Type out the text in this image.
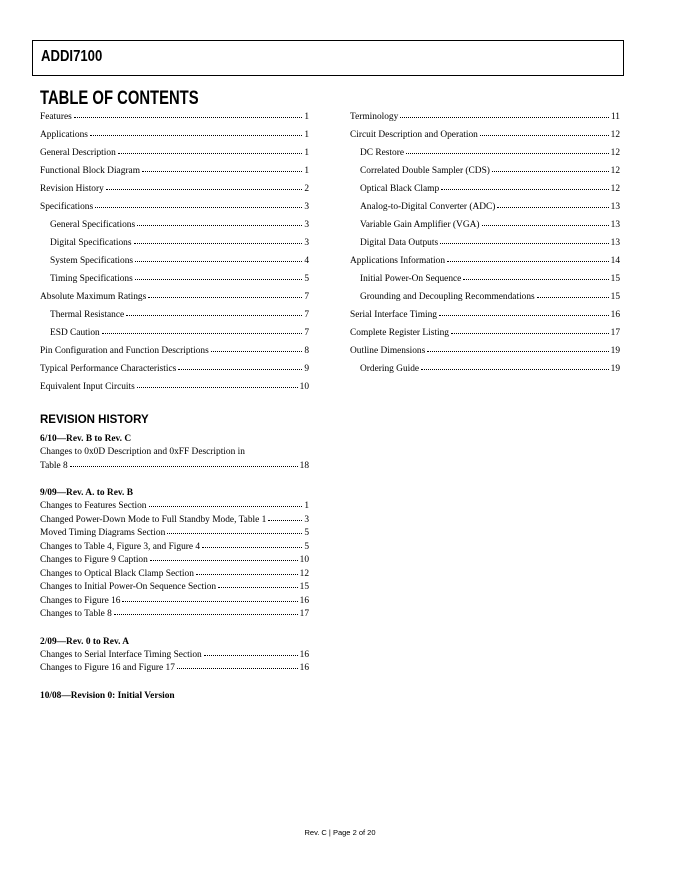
ADDI7100
TABLE OF CONTENTS
Features	1
Applications	1
General Description	1
Functional Block Diagram	1
Revision History	2
Specifications	3
General Specifications	3
Digital Specifications	3
System Specifications	4
Timing Specifications	5
Absolute Maximum Ratings	7
Thermal Resistance	7
ESD Caution	7
Pin Configuration and Function Descriptions	8
Typical Performance Characteristics	9
Equivalent Input Circuits	10
Terminology	11
Circuit Description and Operation	12
DC Restore	12
Correlated Double Sampler (CDS)	12
Optical Black Clamp	12
Analog-to-Digital Converter (ADC)	13
Variable Gain Amplifier (VGA)	13
Digital Data Outputs	13
Applications Information	14
Initial Power-On Sequence	15
Grounding and Decoupling Recommendations	15
Serial Interface Timing	16
Complete Register Listing	17
Outline Dimensions	19
Ordering Guide	19
REVISION HISTORY
6/10—Rev. B to Rev. C
Changes to 0x0D Description and 0xFF Description in
Table 8	18
9/09—Rev. A. to Rev. B
Changes to Features Section	1
Changed Power-Down Mode to Full Standby Mode, Table 1	3
Moved Timing Diagrams Section	5
Changes to Table 4, Figure 3, and Figure 4	5
Changes to Figure 9 Caption	10
Changes to Optical Black Clamp Section	12
Changes to Initial Power-On Sequence Section	15
Changes to Figure 16	16
Changes to Table 8	17
2/09—Rev. 0 to Rev. A
Changes to Serial Interface Timing Section	16
Changes to Figure 16 and Figure 17	16
10/08—Revision 0: Initial Version
Rev. C | Page 2 of 20
